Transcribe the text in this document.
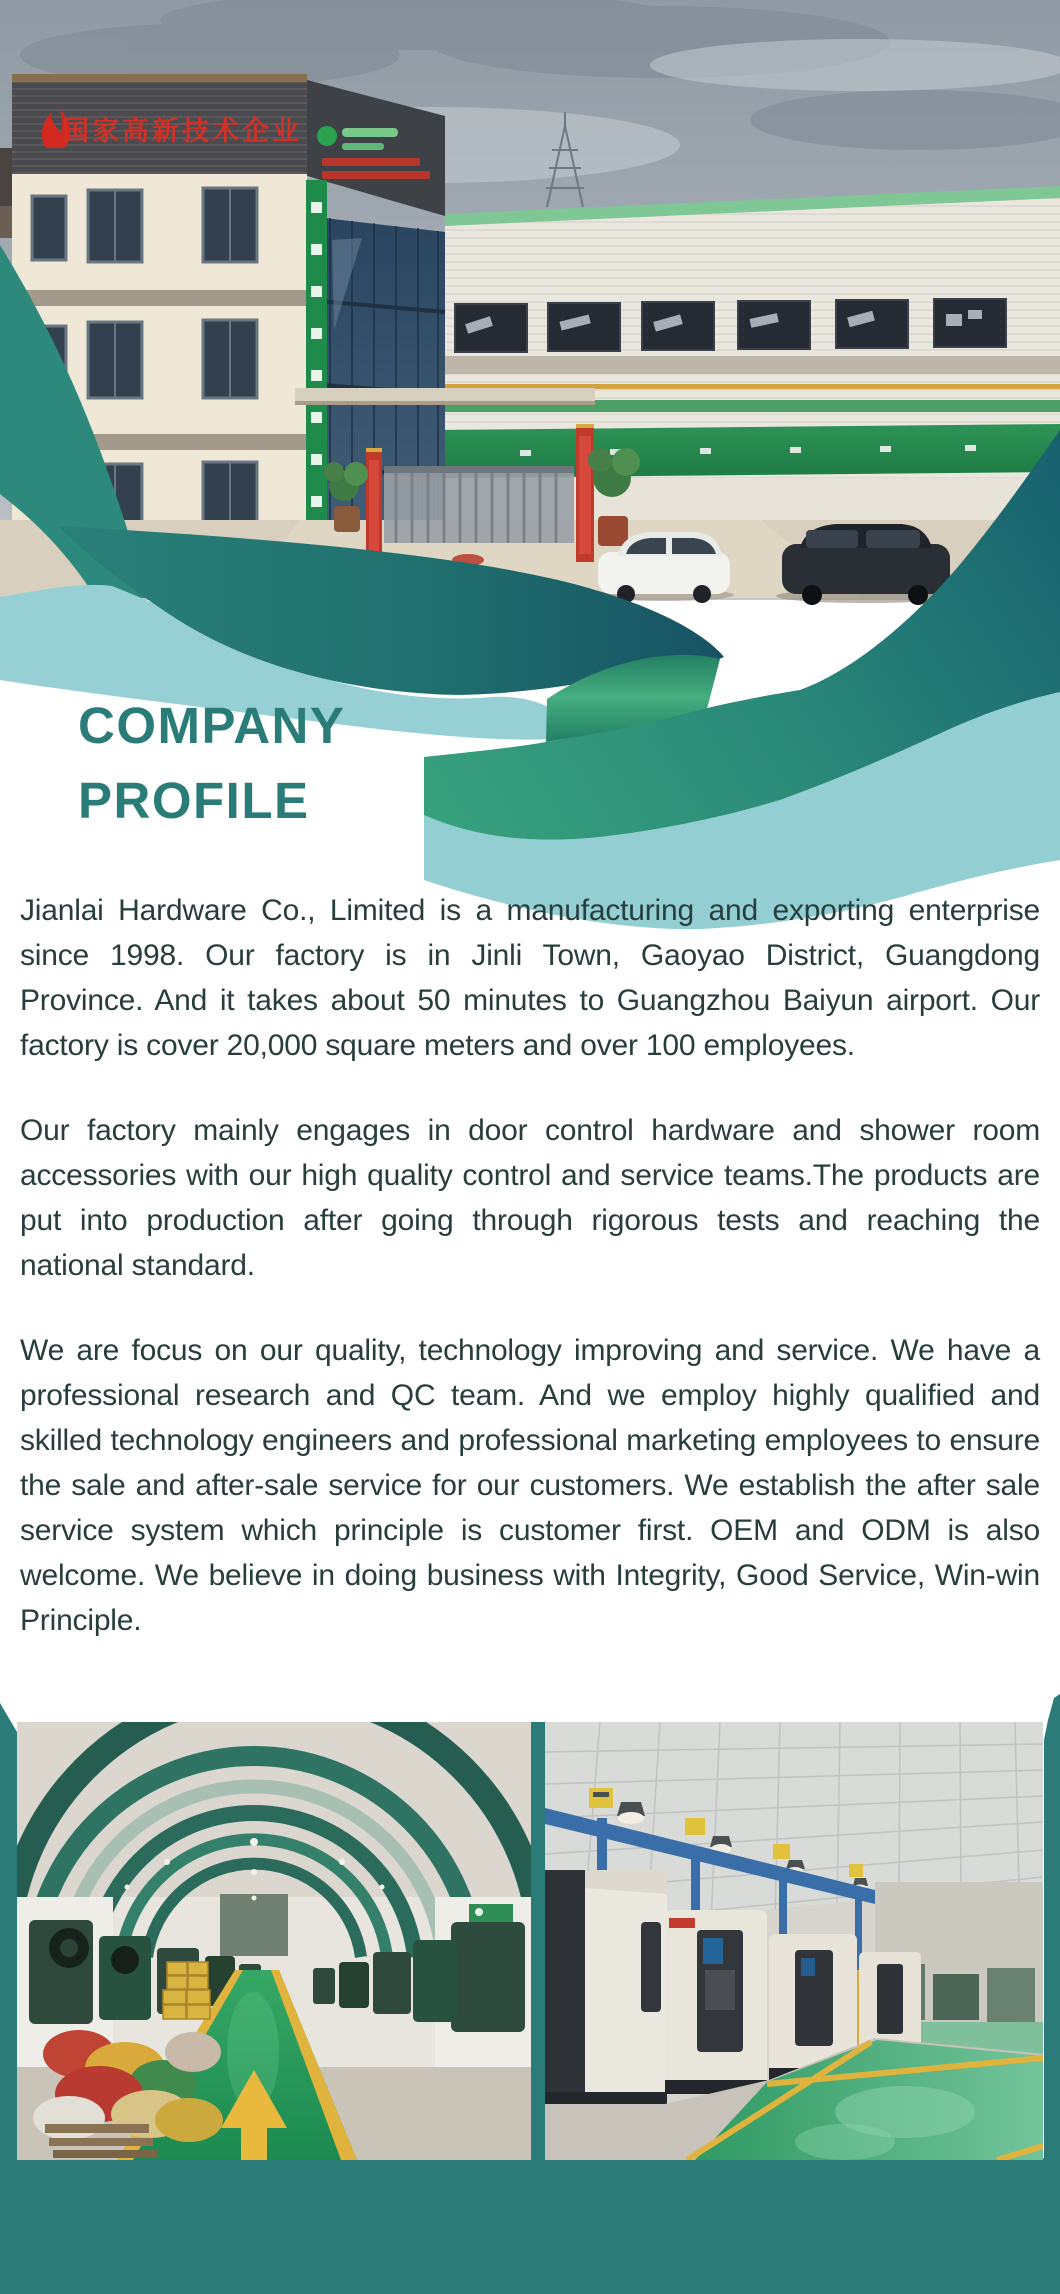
国家高新技术企业
COMPANY
PROFILE

Jianlai Hardware Co., Limited is a manufacturing and exporting enterprise since 1998. Our factory is in Jinli Town, Gaoyao District, Guangdong Province. And it takes about 50 minutes to Guangzhou Baiyun airport. Our factory is cover 20,000 square meters and over 100 employees.

Our factory mainly engages in door control hardware and shower room accessories with our high quality control and service teams.The products are put into production after going through rigorous tests and reaching the national standard.

We are focus on our quality, technology improving and service. We have a professional research and QC team. And we employ highly qualified and skilled technology engineers and professional marketing employees to ensure the sale and after-sale service for our customers. We establish the after sale service system which principle is customer first. OEM and ODM is also welcome. We believe in doing business with Integrity, Good Service, Win-win Principle.
